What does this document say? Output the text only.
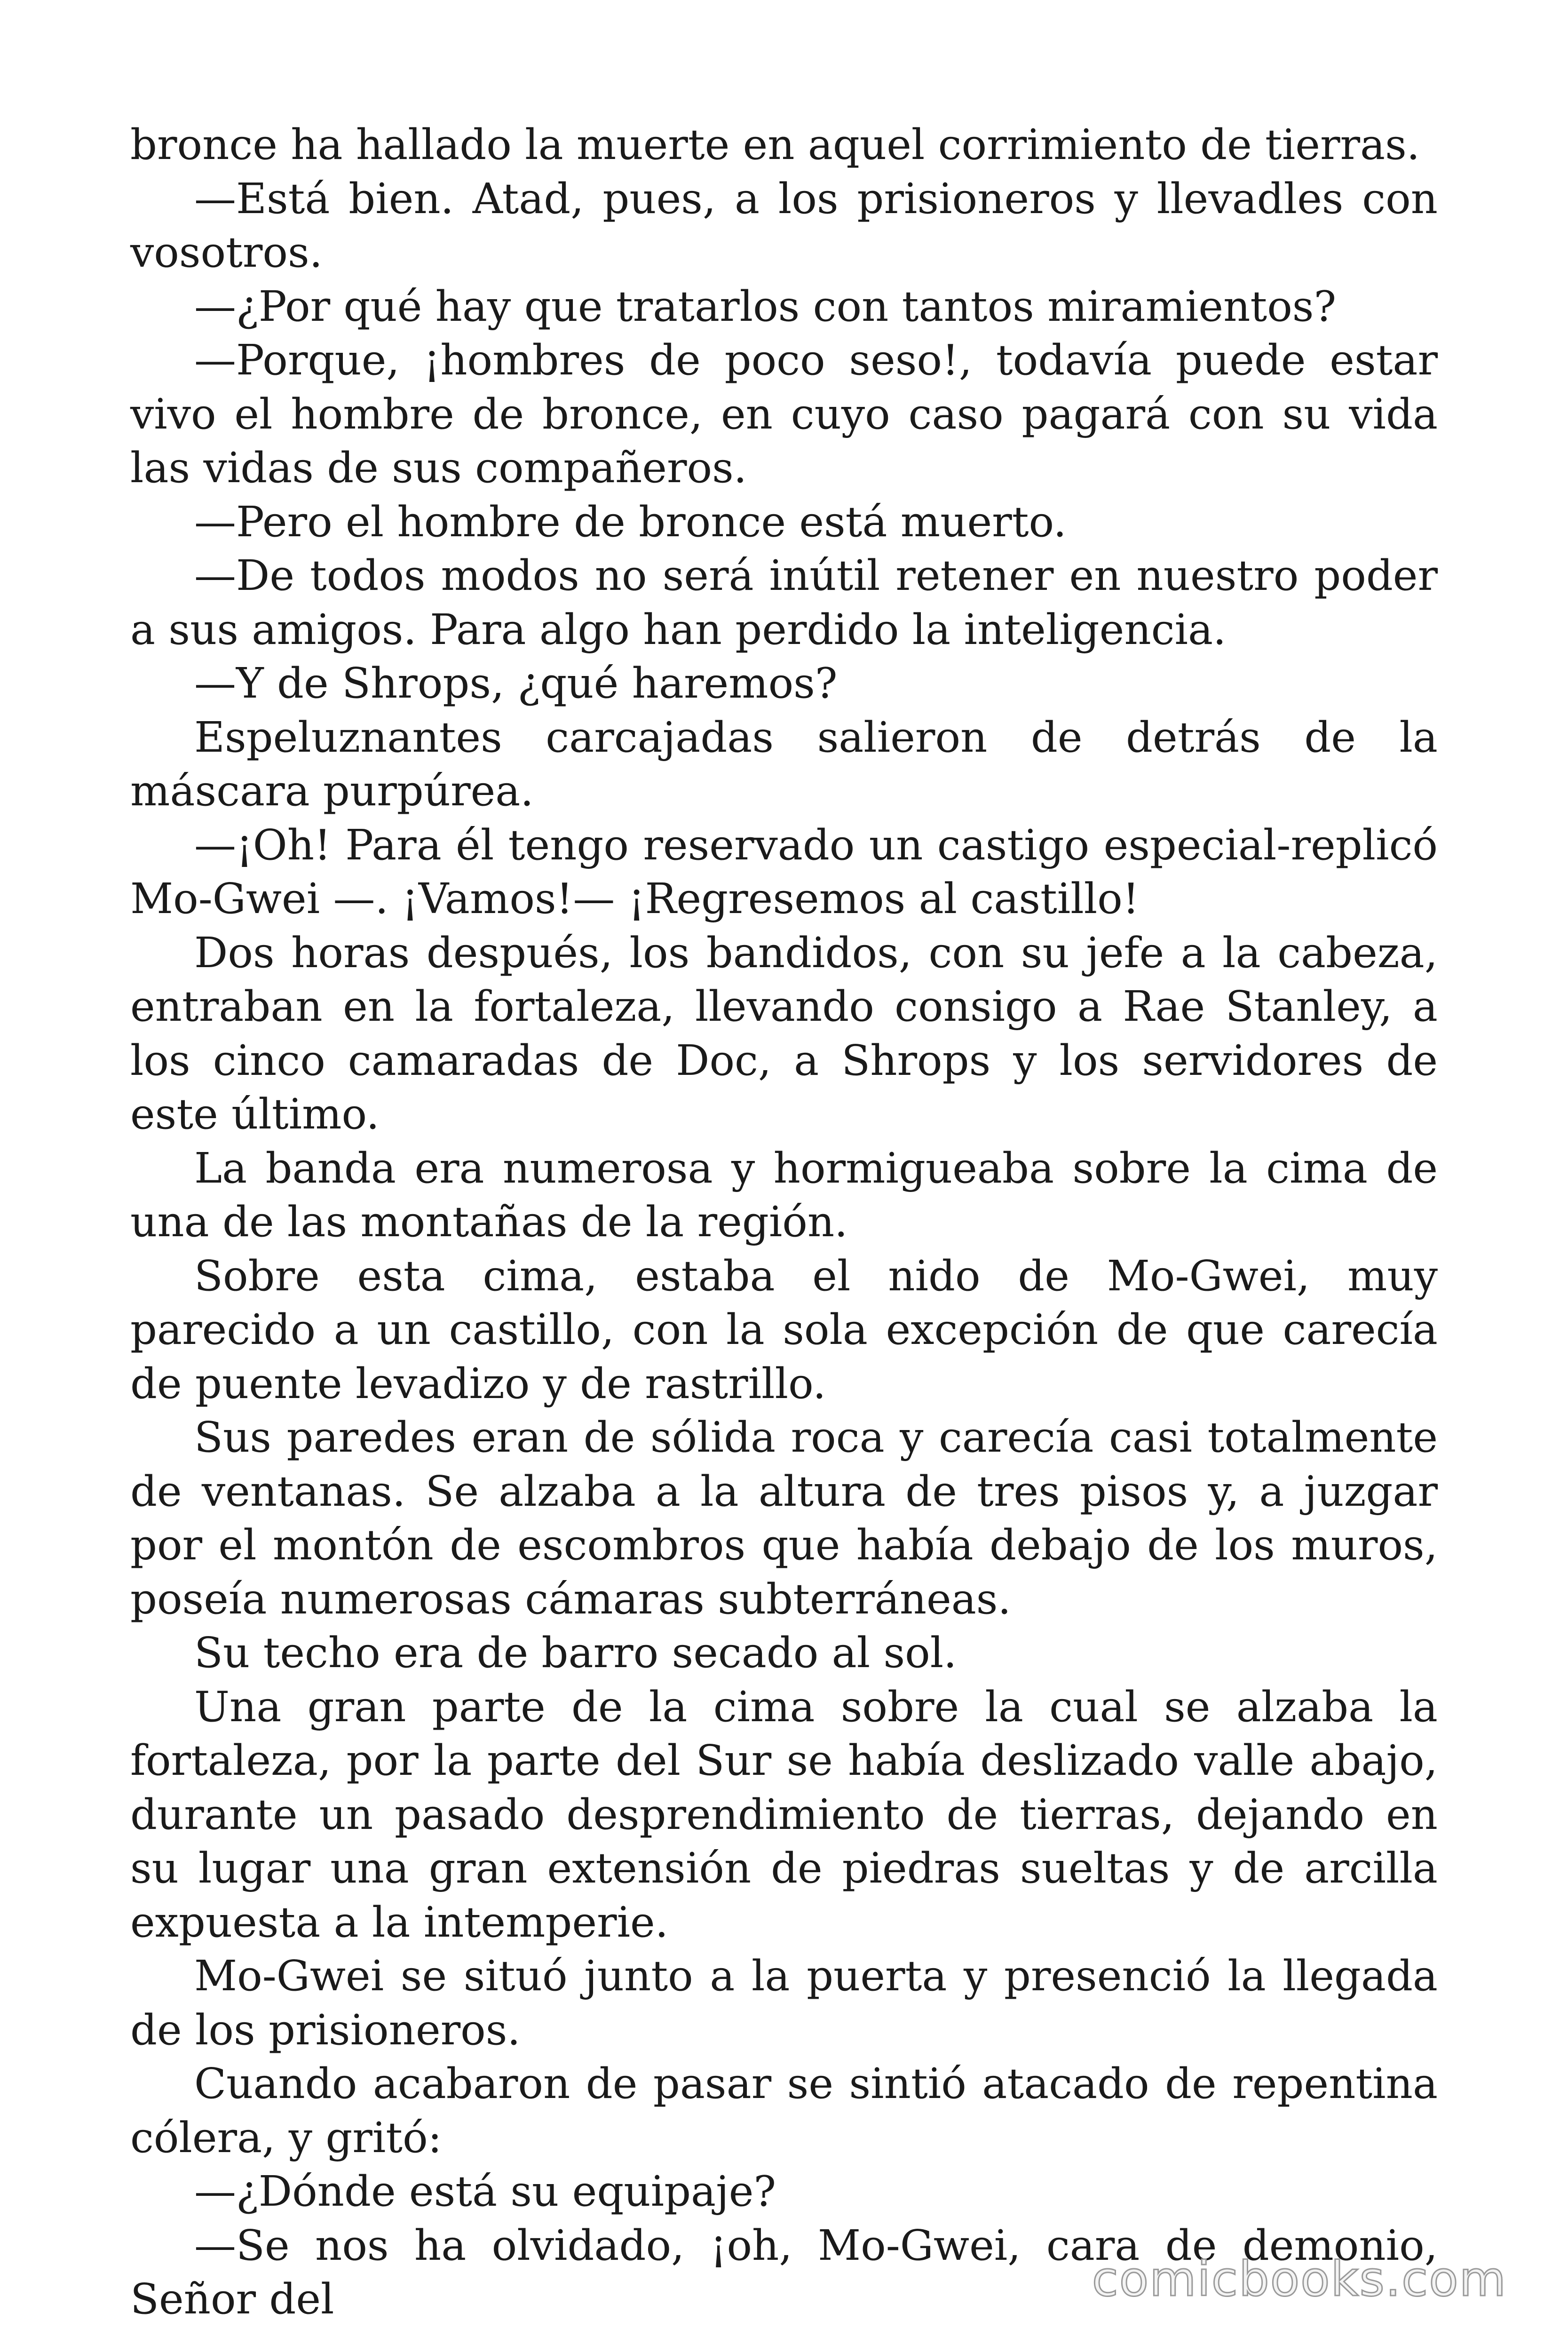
bronce ha hallado la muerte en aquel corrimiento de tierras.

—Está bien. Atad, pues, a los prisioneros y llevadles con vosotros.

—¿Por qué hay que tratarlos con tantos miramientos?

—Porque, ¡hombres de poco seso!, todavía puede estar vivo el hombre de bronce, en cuyo caso pagará con su vida las vidas de sus compañeros.

—Pero el hombre de bronce está muerto.

—De todos modos no será inútil retener en nuestro poder a sus amigos. Para algo han perdido la inteligencia.

—Y de Shrops, ¿qué haremos?

Espeluznantes carcajadas salieron de detrás de la máscara purpúrea.

—¡Oh! Para él tengo reservado un castigo especial-replicó Mo-Gwei —. ¡Vamos!— ¡Regresemos al castillo!

Dos horas después, los bandidos, con su jefe a la cabeza, entraban en la fortaleza, llevando consigo a Rae Stanley, a los cinco camaradas de Doc, a Shrops y los servidores de este último.

La banda era numerosa y hormigueaba sobre la cima de una de las montañas de la región.

Sobre esta cima, estaba el nido de Mo-Gwei, muy parecido a un castillo, con la sola excepción de que carecía de puente levadizo y de rastrillo.

Sus paredes eran de sólida roca y carecía casi totalmente de ventanas. Se alzaba a la altura de tres pisos y, a juzgar por el montón de escombros que había debajo de los muros, poseía numerosas cámaras subterráneas.

Su techo era de barro secado al sol.

Una gran parte de la cima sobre la cual se alzaba la fortaleza, por la parte del Sur se había deslizado valle abajo, durante un pasado desprendimiento de tierras, dejando en su lugar una gran extensión de piedras sueltas y de arcilla expuesta a la intemperie.

Mo-Gwei se situó junto a la puerta y presenció la llegada de los prisioneros.

Cuando acabaron de pasar se sintió atacado de repentina cólera, y gritó:

—¿Dónde está su equipaje?

—Se nos ha olvidado, ¡oh, Mo-Gwei, cara de demonio, Señor del	comicbooks.com
